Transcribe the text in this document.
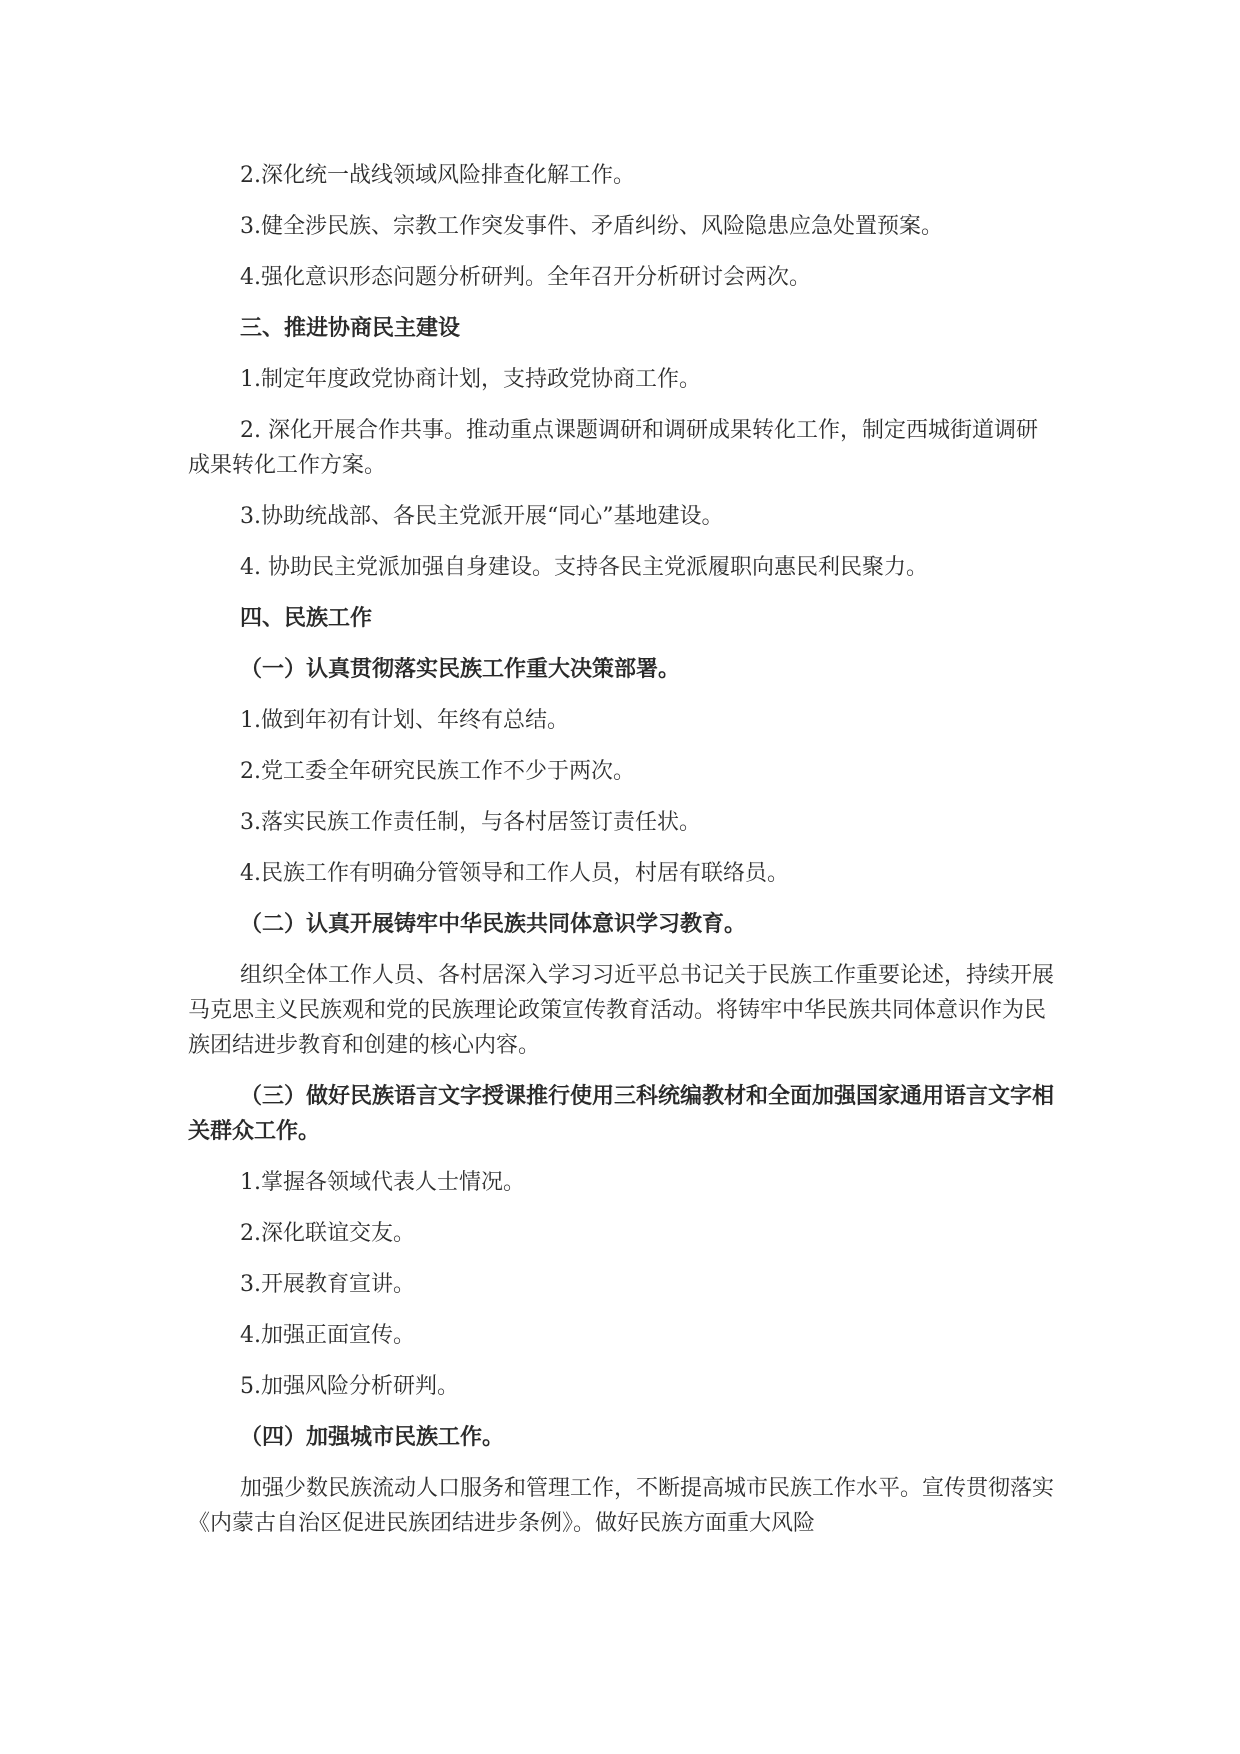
2.深化统一战线领域风险排查化解工作。

3.健全涉民族、宗教工作突发事件、矛盾纠纷、风险隐患应急处置预案。

4.强化意识形态问题分析研判。全年召开分析研讨会两次。

三、推进协商民主建设

1.制定年度政党协商计划，支持政党协商工作。

2. 深化开展合作共事。推动重点课题调研和调研成果转化工作，制定西城街道调研成果转化工作方案。

3.协助统战部、各民主党派开展“同心”基地建设。

4. 协助民主党派加强自身建设。支持各民主党派履职向惠民利民聚力。

四、民族工作

（一）认真贯彻落实民族工作重大决策部署。

1.做到年初有计划、年终有总结。

2.党工委全年研究民族工作不少于两次。

3.落实民族工作责任制，与各村居签订责任状。

4.民族工作有明确分管领导和工作人员，村居有联络员。

（二）认真开展铸牢中华民族共同体意识学习教育。

组织全体工作人员、各村居深入学习习近平总书记关于民族工作重要论述，持续开展马克思主义民族观和党的民族理论政策宣传教育活动。将铸牢中华民族共同体意识作为民族团结进步教育和创建的核心内容。

（三）做好民族语言文字授课推行使用三科统编教材和全面加强国家通用语言文字相关群众工作。

1.掌握各领域代表人士情况。

2.深化联谊交友。

3.开展教育宣讲。

4.加强正面宣传。

5.加强风险分析研判。

（四）加强城市民族工作。

加强少数民族流动人口服务和管理工作，不断提高城市民族工作水平。宣传贯彻落实《内蒙古自治区促进民族团结进步条例》。做好民族方面重大风险
